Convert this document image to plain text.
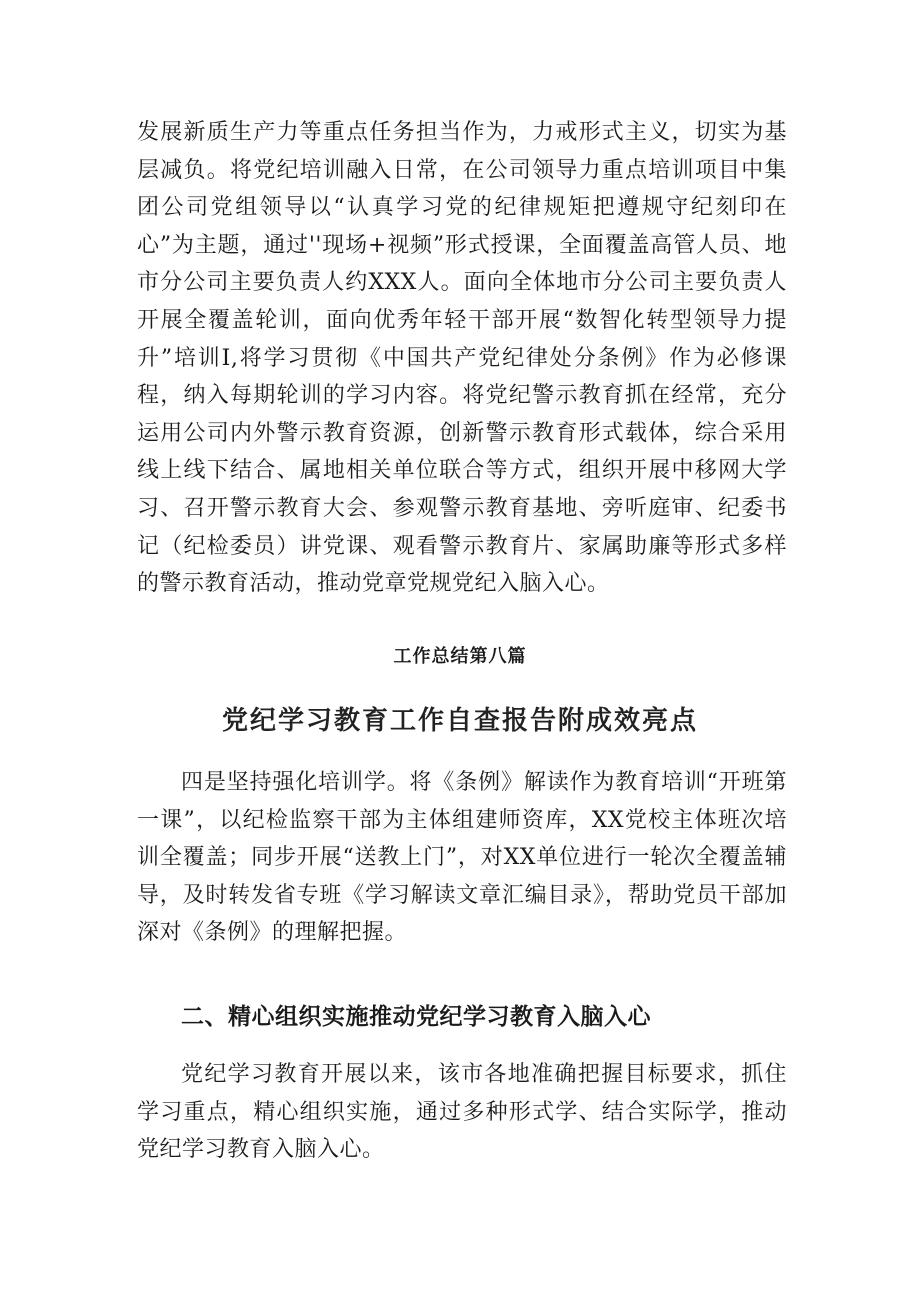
发展新质生产力等重点任务担当作为，力戒形式主义，切实为基层减负。将党纪培训融入日常，在公司领导力重点培训项目中集团公司党组领导以“认真学习党的纪律规矩把遵规守纪刻印在心”为主题，通过''现场+视频”形式授课，全面覆盖高管人员、地市分公司主要负责人约XXX人。面向全体地市分公司主要负责人开展全覆盖轮训，面向优秀年轻干部开展“数智化转型领导力提升”培训I,将学习贯彻《中国共产党纪律处分条例》作为必修课程，纳入每期轮训的学习内容。将党纪警示教育抓在经常，充分运用公司内外警示教育资源，创新警示教育形式载体，综合采用线上线下结合、属地相关单位联合等方式，组织开展中移网大学习、召开警示教育大会、参观警示教育基地、旁听庭审、纪委书记（纪检委员）讲党课、观看警示教育片、家属助廉等形式多样的警示教育活动，推动党章党规党纪入脑入心。

工作总结第八篇
党纪学习教育工作自查报告附成效亮点

四是坚持强化培训学。将《条例》解读作为教育培训“开班第一课”，以纪检监察干部为主体组建师资库，XX党校主体班次培训全覆盖；同步开展“送教上门”，对XX单位进行一轮次全覆盖辅导，及时转发省专班《学习解读文章汇编目录》，帮助党员干部加深对《条例》的理解把握。

二、精心组织实施推动党纪学习教育入脑入心

党纪学习教育开展以来，该市各地准确把握目标要求，抓住学习重点，精心组织实施，通过多种形式学、结合实际学，推动党纪学习教育入脑入心。
